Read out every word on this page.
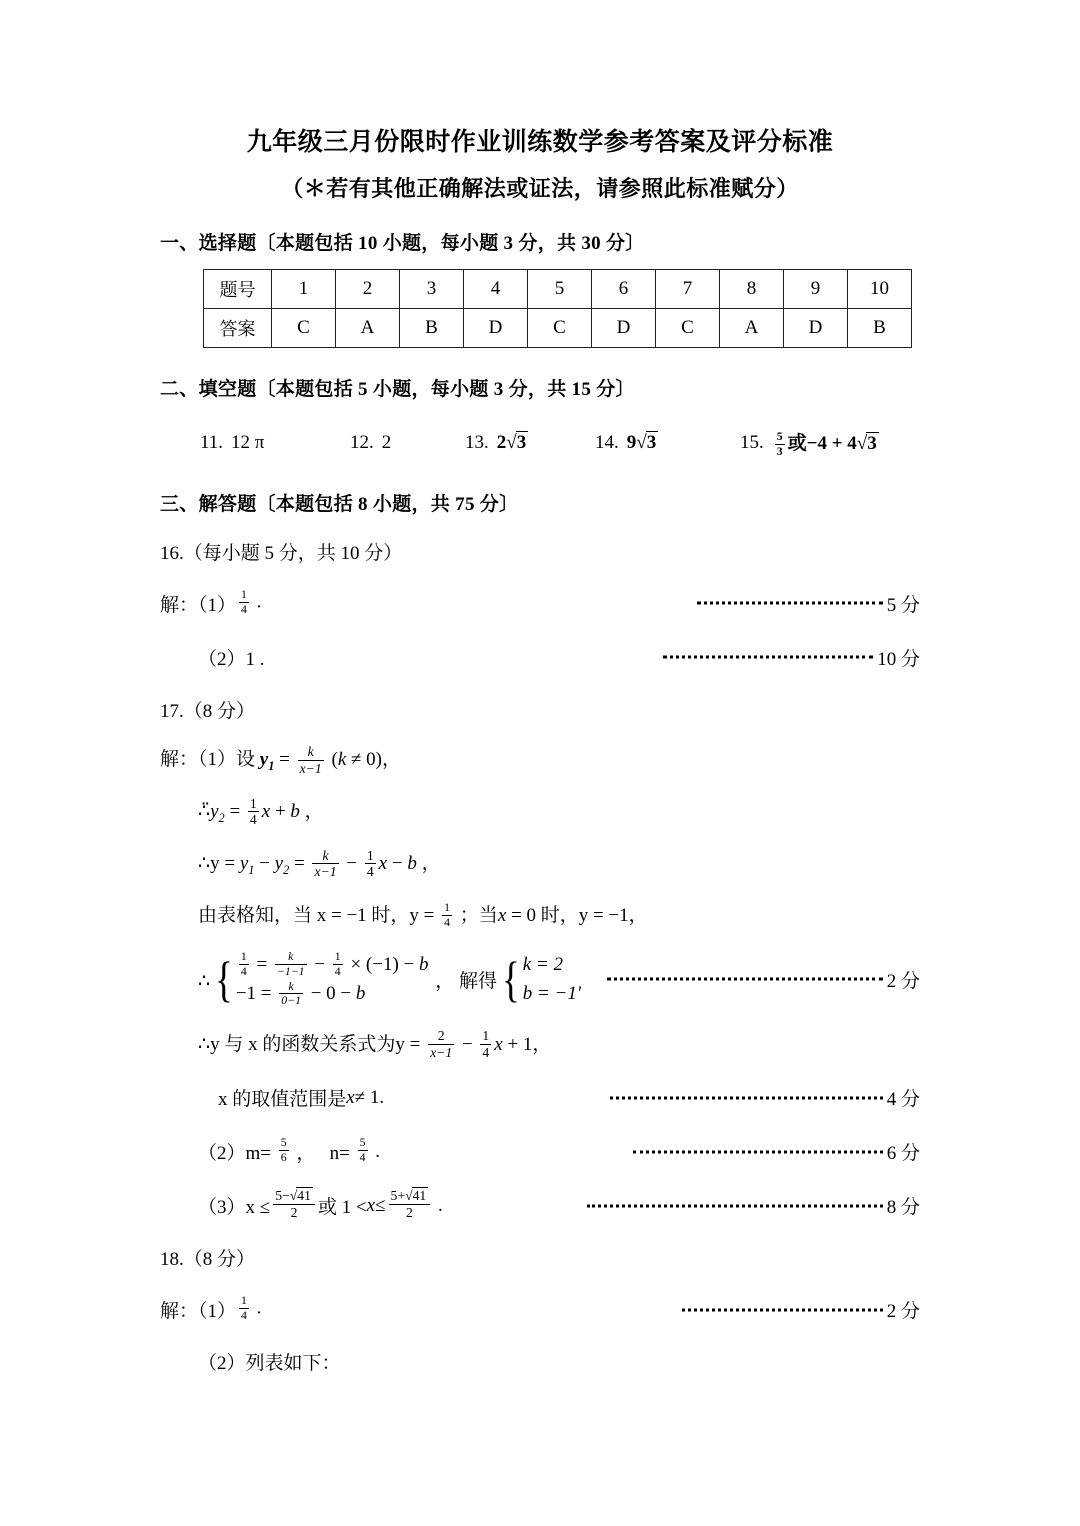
九年级三月份限时作业训练数学参考答案及评分标准
（＊若有其他正确解法或证法，请参照此标准赋分）
一、选择题〔本题包括 10 小题，每小题 3 分，共 30 分〕
题号	1	2	3	4	5	6	7	8	9	10
答案	C	A	B	D	C	D	C	A	D	B
二、填空题〔本题包括 5 小题，每小题 3 分，共 15 分〕
11. 12 π	12. 2	13. 2√3	14. 9√3	15. $\frac{5}{3}$ 或−4 + 4√3
三、解答题〔本题包括 8 小题，共 75 分〕
16.（每小题 5 分，共 10 分）
解：$(1) \frac{1}{4}$ .	5 分
（2）1 .	10 分
17.（8 分）
解：（1）设 $y_1 = \frac{k}{x-1} (k \ne 0)$，
$\thereforëy_2 = \frac{1}{4}$ x + b ，
∴y = $y_1 - y_2 = \frac{k}{x-1} - \frac{1}{4}$ x − b ，
由表格知，当 x = −1 时，$y = \frac{1}{4}$ ；当x = 0 时，y = −1，
∴ { $\frac{1}{4} = \frac{k}{-1-1} - \frac{1}{4} \times (-1) - b$
$-1 = \frac{k}{0-1} - 0 - b$
， 解得 { k = 2
b = −1'
2 分
∴y 与 x 的函数关系式为$y = \frac{2}{x-1} - \frac{1}{4}$ x + 1，
x 的取值范围是 x ≠ 1.	4 分
$(2)m= \frac{5}{6}$ ，   $n= \frac{5}{4}$ .	6 分
$(3)x \le \frac{5-√41}{2}$ 或 $1 < x \le \frac{5+√41}{2}$ .	8 分
18.（8 分）
解：$(1) \frac{1}{4}$ .	2 分
（2）列表如下：
